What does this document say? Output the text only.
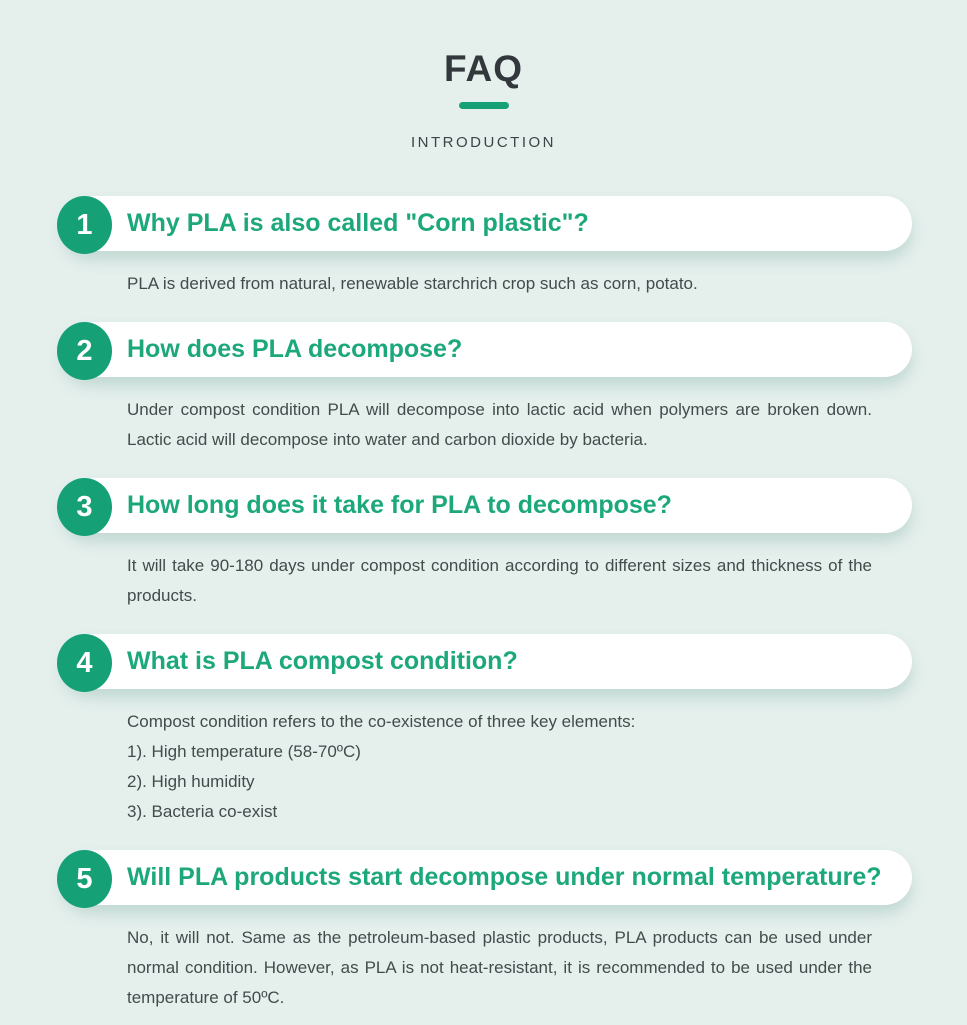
FAQ
INTRODUCTION
1 Why PLA is also called "Corn plastic"?
PLA is derived from natural, renewable starchrich crop such as corn, potato.
2 How does PLA decompose?
Under compost condition PLA will decompose into lactic acid when polymers are broken down. Lactic acid will decompose into water and carbon dioxide by bacteria.
3 How long does it take for PLA to decompose?
It will take 90-180 days under compost condition according to different sizes and thickness of the products.
4 What is PLA compost condition?
Compost condition refers to the co-existence of three key elements:
1). High temperature (58-70ºC)
2). High humidity
3). Bacteria co-exist
5 Will PLA products start decompose under normal temperature?
No, it will not. Same as the petroleum-based plastic products, PLA products can be used under normal condition. However, as PLA is not heat-resistant, it is recommended to be used under the temperature of 50ºC.
